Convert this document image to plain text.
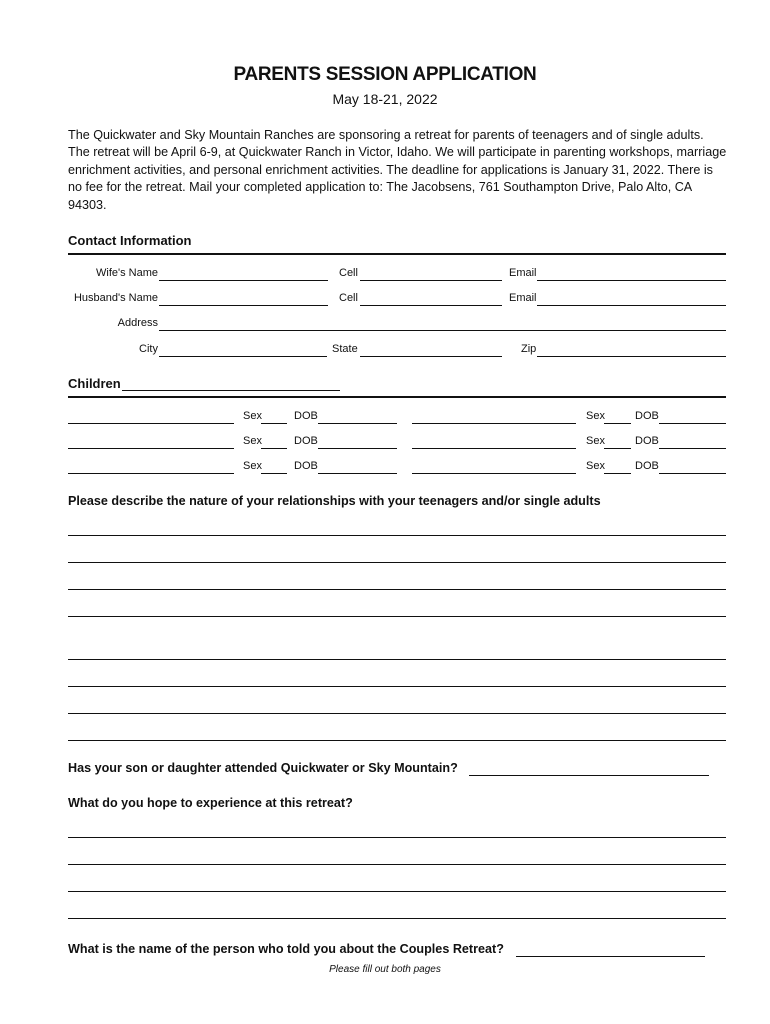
PARENTS SESSION APPLICATION
May 18-21, 2022
The Quickwater and Sky Mountain Ranches are sponsoring a retreat for parents of teenagers and of single adults. The retreat will be April 6-9, at Quickwater Ranch in Victor, Idaho. We will participate in parenting workshops, marriage enrichment activities, and personal enrichment activities. The deadline for applications is January 31, 2022. There is no fee for the retreat. Mail your completed application to: The Jacobsens, 761 Southampton Drive, Palo Alto, CA 94303.
Contact Information
Wife's Name	Cell	Email
Husband's Name	Cell	Email
Address
City	State	Zip
Children
Sex	DOB	Sex	DOB
Sex	DOB	Sex	DOB
Sex	DOB	Sex	DOB
Please describe the nature of your relationships with your teenagers and/or single adults
Has your son or daughter attended Quickwater or Sky Mountain?
What do you hope to experience at this retreat?
What is the name of the person who told you about the Couples Retreat?
Please fill out both pages
